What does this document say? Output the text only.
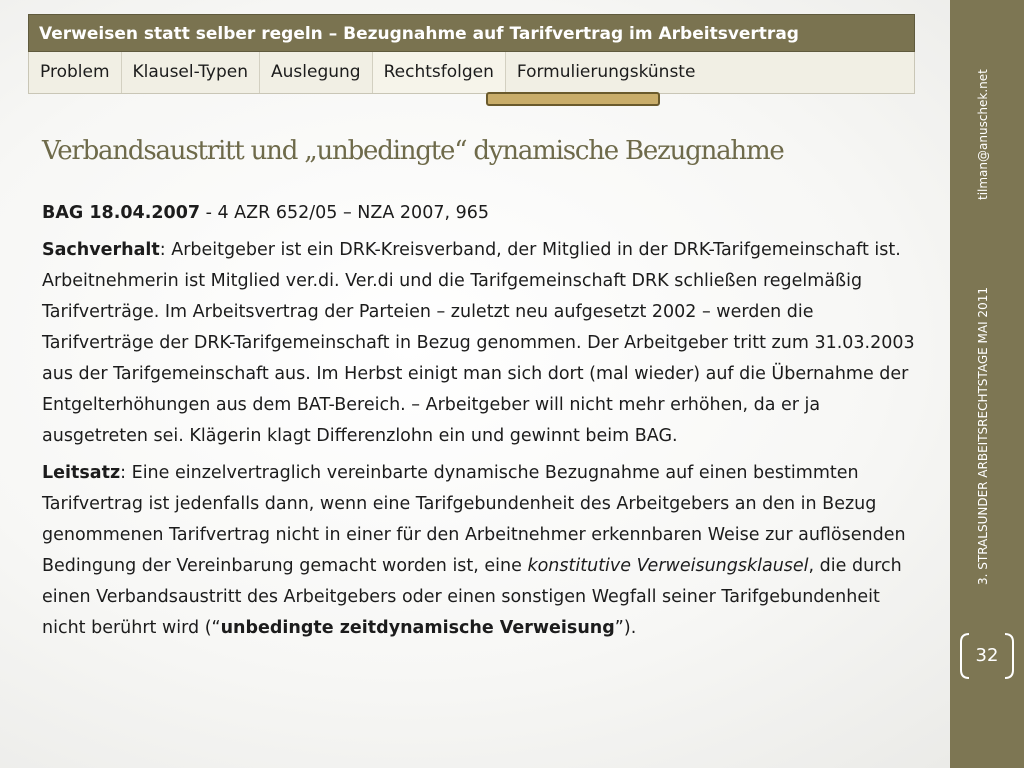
Verweisen statt selber regeln – Bezugnahme auf Tarifvertrag im Arbeitsvertrag
Problem	Klausel-Typen	Auslegung	Rechtsfolgen	Formulierungskünste
Verbandsaustritt und „unbedingte“ dynamische Bezugnahme

BAG 18.04.2007 - 4 AZR 652/05 – NZA 2007, 965

Sachverhalt: Arbeitgeber ist ein DRK-Kreisverband, der Mitglied in der DRK-Tarifgemeinschaft ist. Arbeitnehmerin ist Mitglied ver.di. Ver.di und die Tarifgemeinschaft DRK schließen regelmäßig Tarifverträge. Im Arbeitsvertrag der Parteien – zuletzt neu aufgesetzt 2002 – werden die Tarifverträge der DRK-Tarifgemeinschaft in Bezug genommen. Der Arbeitgeber tritt zum 31.03.2003 aus der Tarifgemeinschaft aus. Im Herbst einigt man sich dort (mal wieder) auf die Übernahme der Entgelterhöhungen aus dem BAT-Bereich. – Arbeitgeber will nicht mehr erhöhen, da er ja ausgetreten sei. Klägerin klagt Differenzlohn ein und gewinnt beim BAG.

Leitsatz: Eine einzelvertraglich vereinbarte dynamische Bezugnahme auf einen bestimmten Tarifvertrag ist jedenfalls dann, wenn eine Tarifgebundenheit des Arbeitgebers an den in Bezug genommenen Tarifvertrag nicht in einer für den Arbeitnehmer erkennbaren Weise zur auflösenden Bedingung der Vereinbarung gemacht worden ist, eine konstitutive Verweisungsklausel, die durch einen Verbandsaustritt des Arbeitgebers oder einen sonstigen Wegfall seiner Tarifgebundenheit nicht berührt wird (“unbedingte zeitdynamische Verweisung”).

tilman@anuschek.net
3. STRALSUNDER ARBEITSRECHTSTAGE MAI 2011
32
